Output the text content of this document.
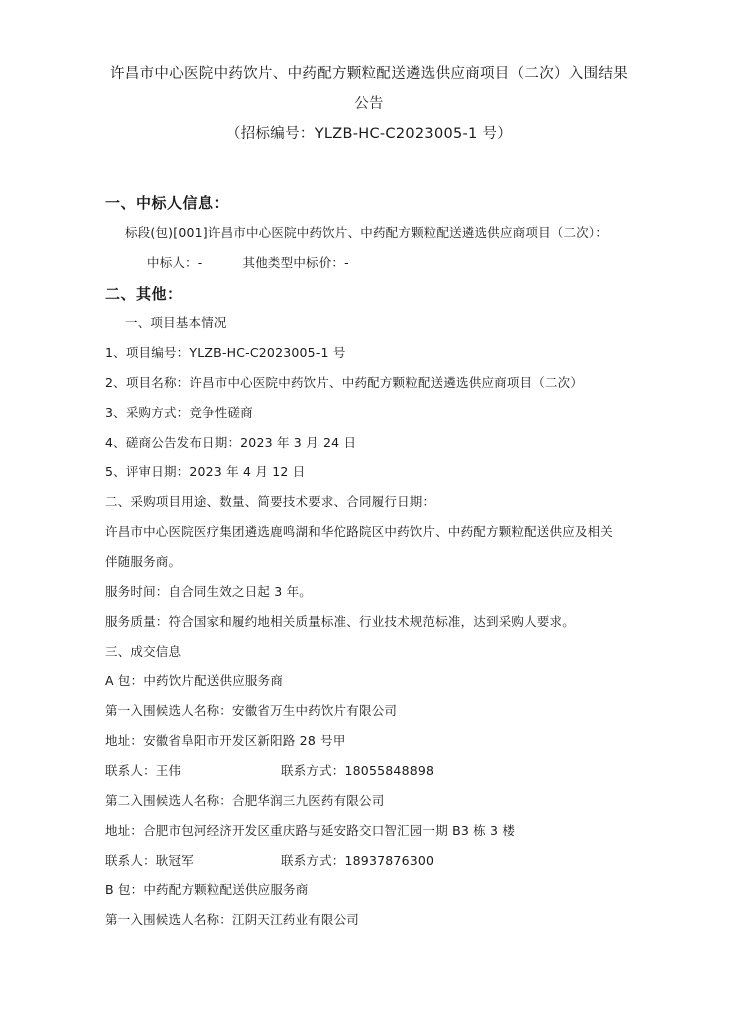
许昌市中心医院中药饮片、中药配方颗粒配送遴选供应商项目（二次）入围结果
公告
（招标编号：YLZB-HC-C2023005-1 号）
一、中标人信息：
标段(包)[001]许昌市中心医院中药饮片、中药配方颗粒配送遴选供应商项目（二次）：
中标人：-	其他类型中标价：-
二、其他：
一、项目基本情况
1、项目编号：YLZB-HC-C2023005-1 号
2、项目名称：许昌市中心医院中药饮片、中药配方颗粒配送遴选供应商项目（二次）
3、采购方式：竞争性磋商
4、磋商公告发布日期：2023 年 3 月 24 日
5、评审日期：2023 年 4 月 12 日
二、采购项目用途、数量、简要技术要求、合同履行日期：
许昌市中心医院医疗集团遴选鹿鸣湖和华佗路院区中药饮片、中药配方颗粒配送供应及相关
伴随服务商。
服务时间：自合同生效之日起 3 年。
服务质量：符合国家和履约地相关质量标准、行业技术规范标准，达到采购人要求。
三、成交信息
A 包：中药饮片配送供应服务商
第一入围候选人名称：安徽省万生中药饮片有限公司
地址：安徽省阜阳市开发区新阳路 28 号甲
联系人：王伟	联系方式：18055848898
第二入围候选人名称：合肥华润三九医药有限公司
地址：合肥市包河经济开发区重庆路与延安路交口智汇园一期 B3 栋 3 楼
联系人：耿冠军	联系方式：18937876300
B 包：中药配方颗粒配送供应服务商
第一入围候选人名称：江阴天江药业有限公司
